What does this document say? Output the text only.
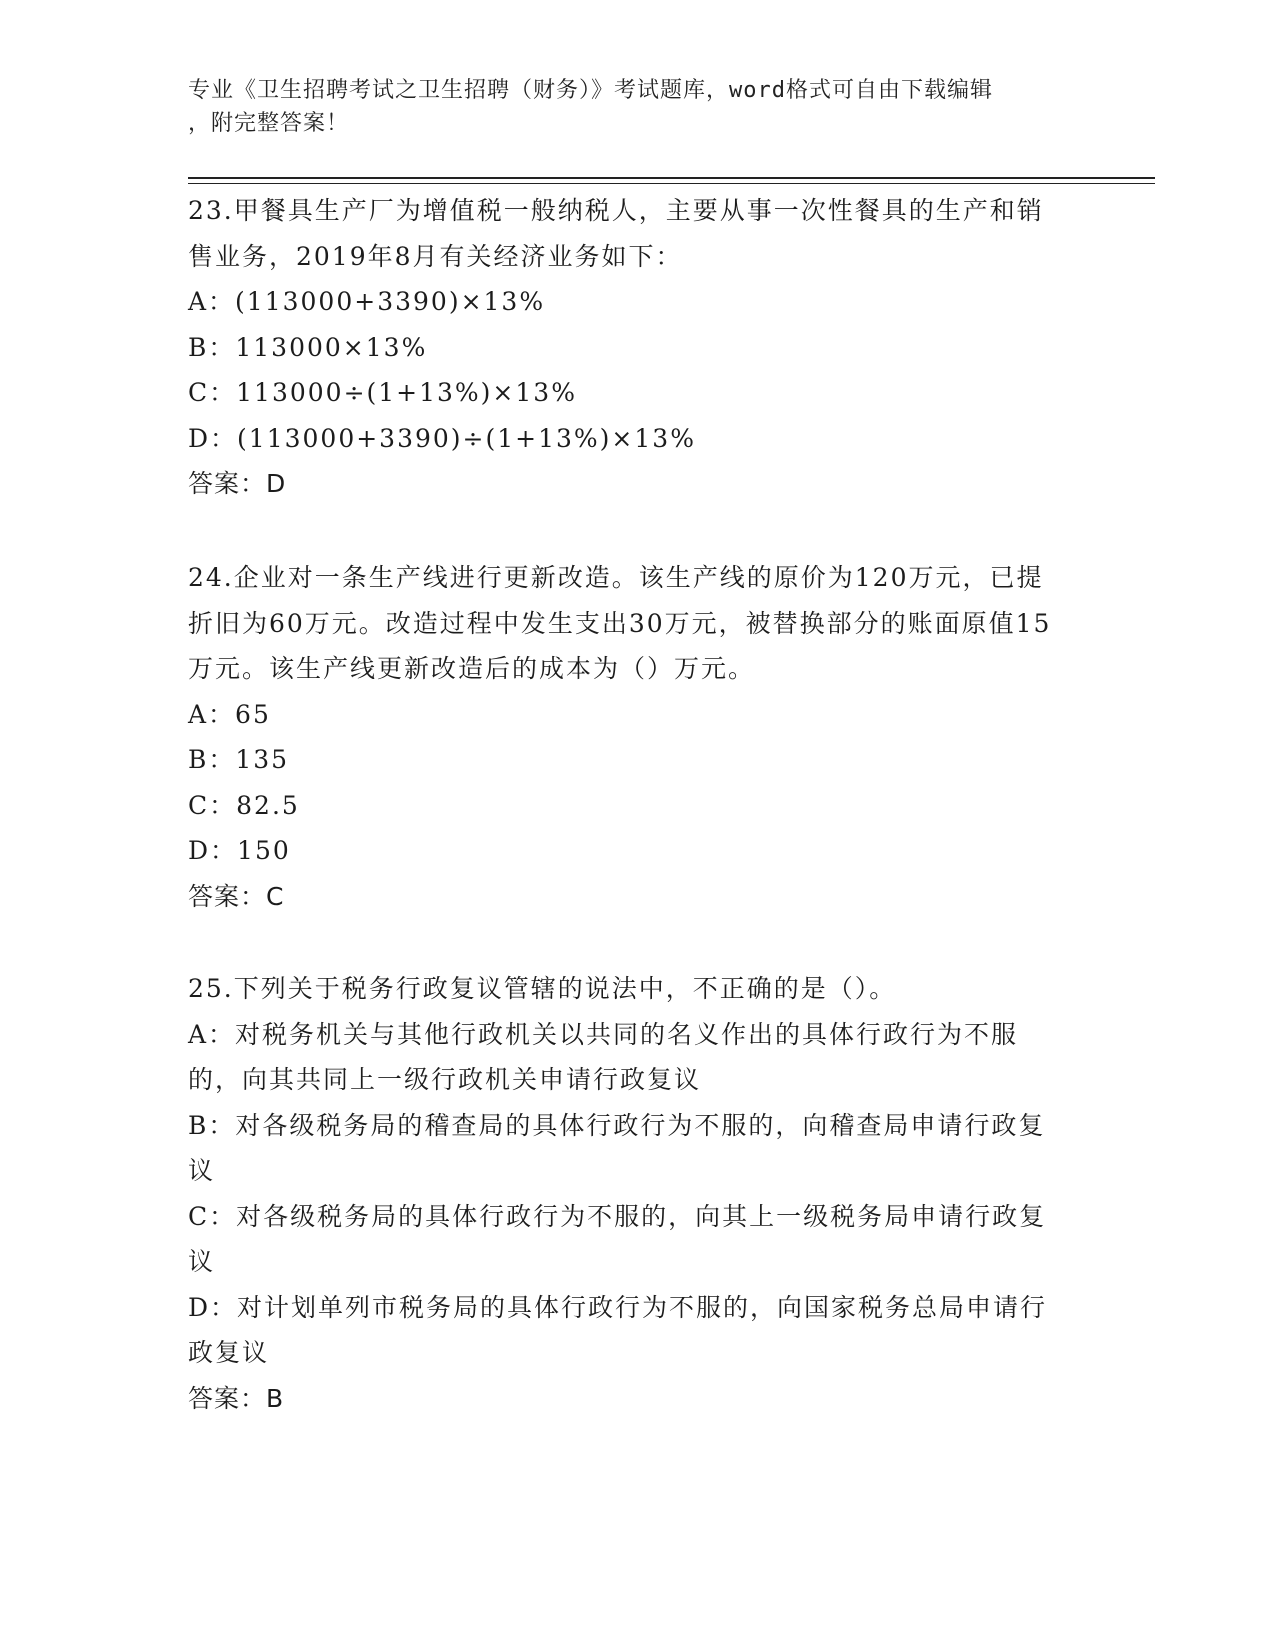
专业《卫生招聘考试之卫生招聘（财务）》考试题库，word格式可自由下载编辑
，附完整答案！

23.甲餐具生产厂为增值税一般纳税人，主要从事一次性餐具的生产和销售业务，2019年8月有关经济业务如下：

A：(113000+3390)×13%

B：113000×13%

C：113000÷(1+13%)×13%

D：(113000+3390)÷(1+13%)×13%

答案：D

24.企业对一条生产线进行更新改造。该生产线的原价为120万元，已提折旧为60万元。改造过程中发生支出30万元，被替换部分的账面原值15万元。该生产线更新改造后的成本为（）万元。

A：65

B：135

C：82.5

D：150

答案：C

25.下列关于税务行政复议管辖的说法中，不正确的是（）。

A：对税务机关与其他行政机关以共同的名义作出的具体行政行为不服的，向其共同上一级行政机关申请行政复议

B：对各级税务局的稽查局的具体行政行为不服的，向稽查局申请行政复议

C：对各级税务局的具体行政行为不服的，向其上一级税务局申请行政复议

D：对计划单列市税务局的具体行政行为不服的，向国家税务总局申请行政复议

答案：B
